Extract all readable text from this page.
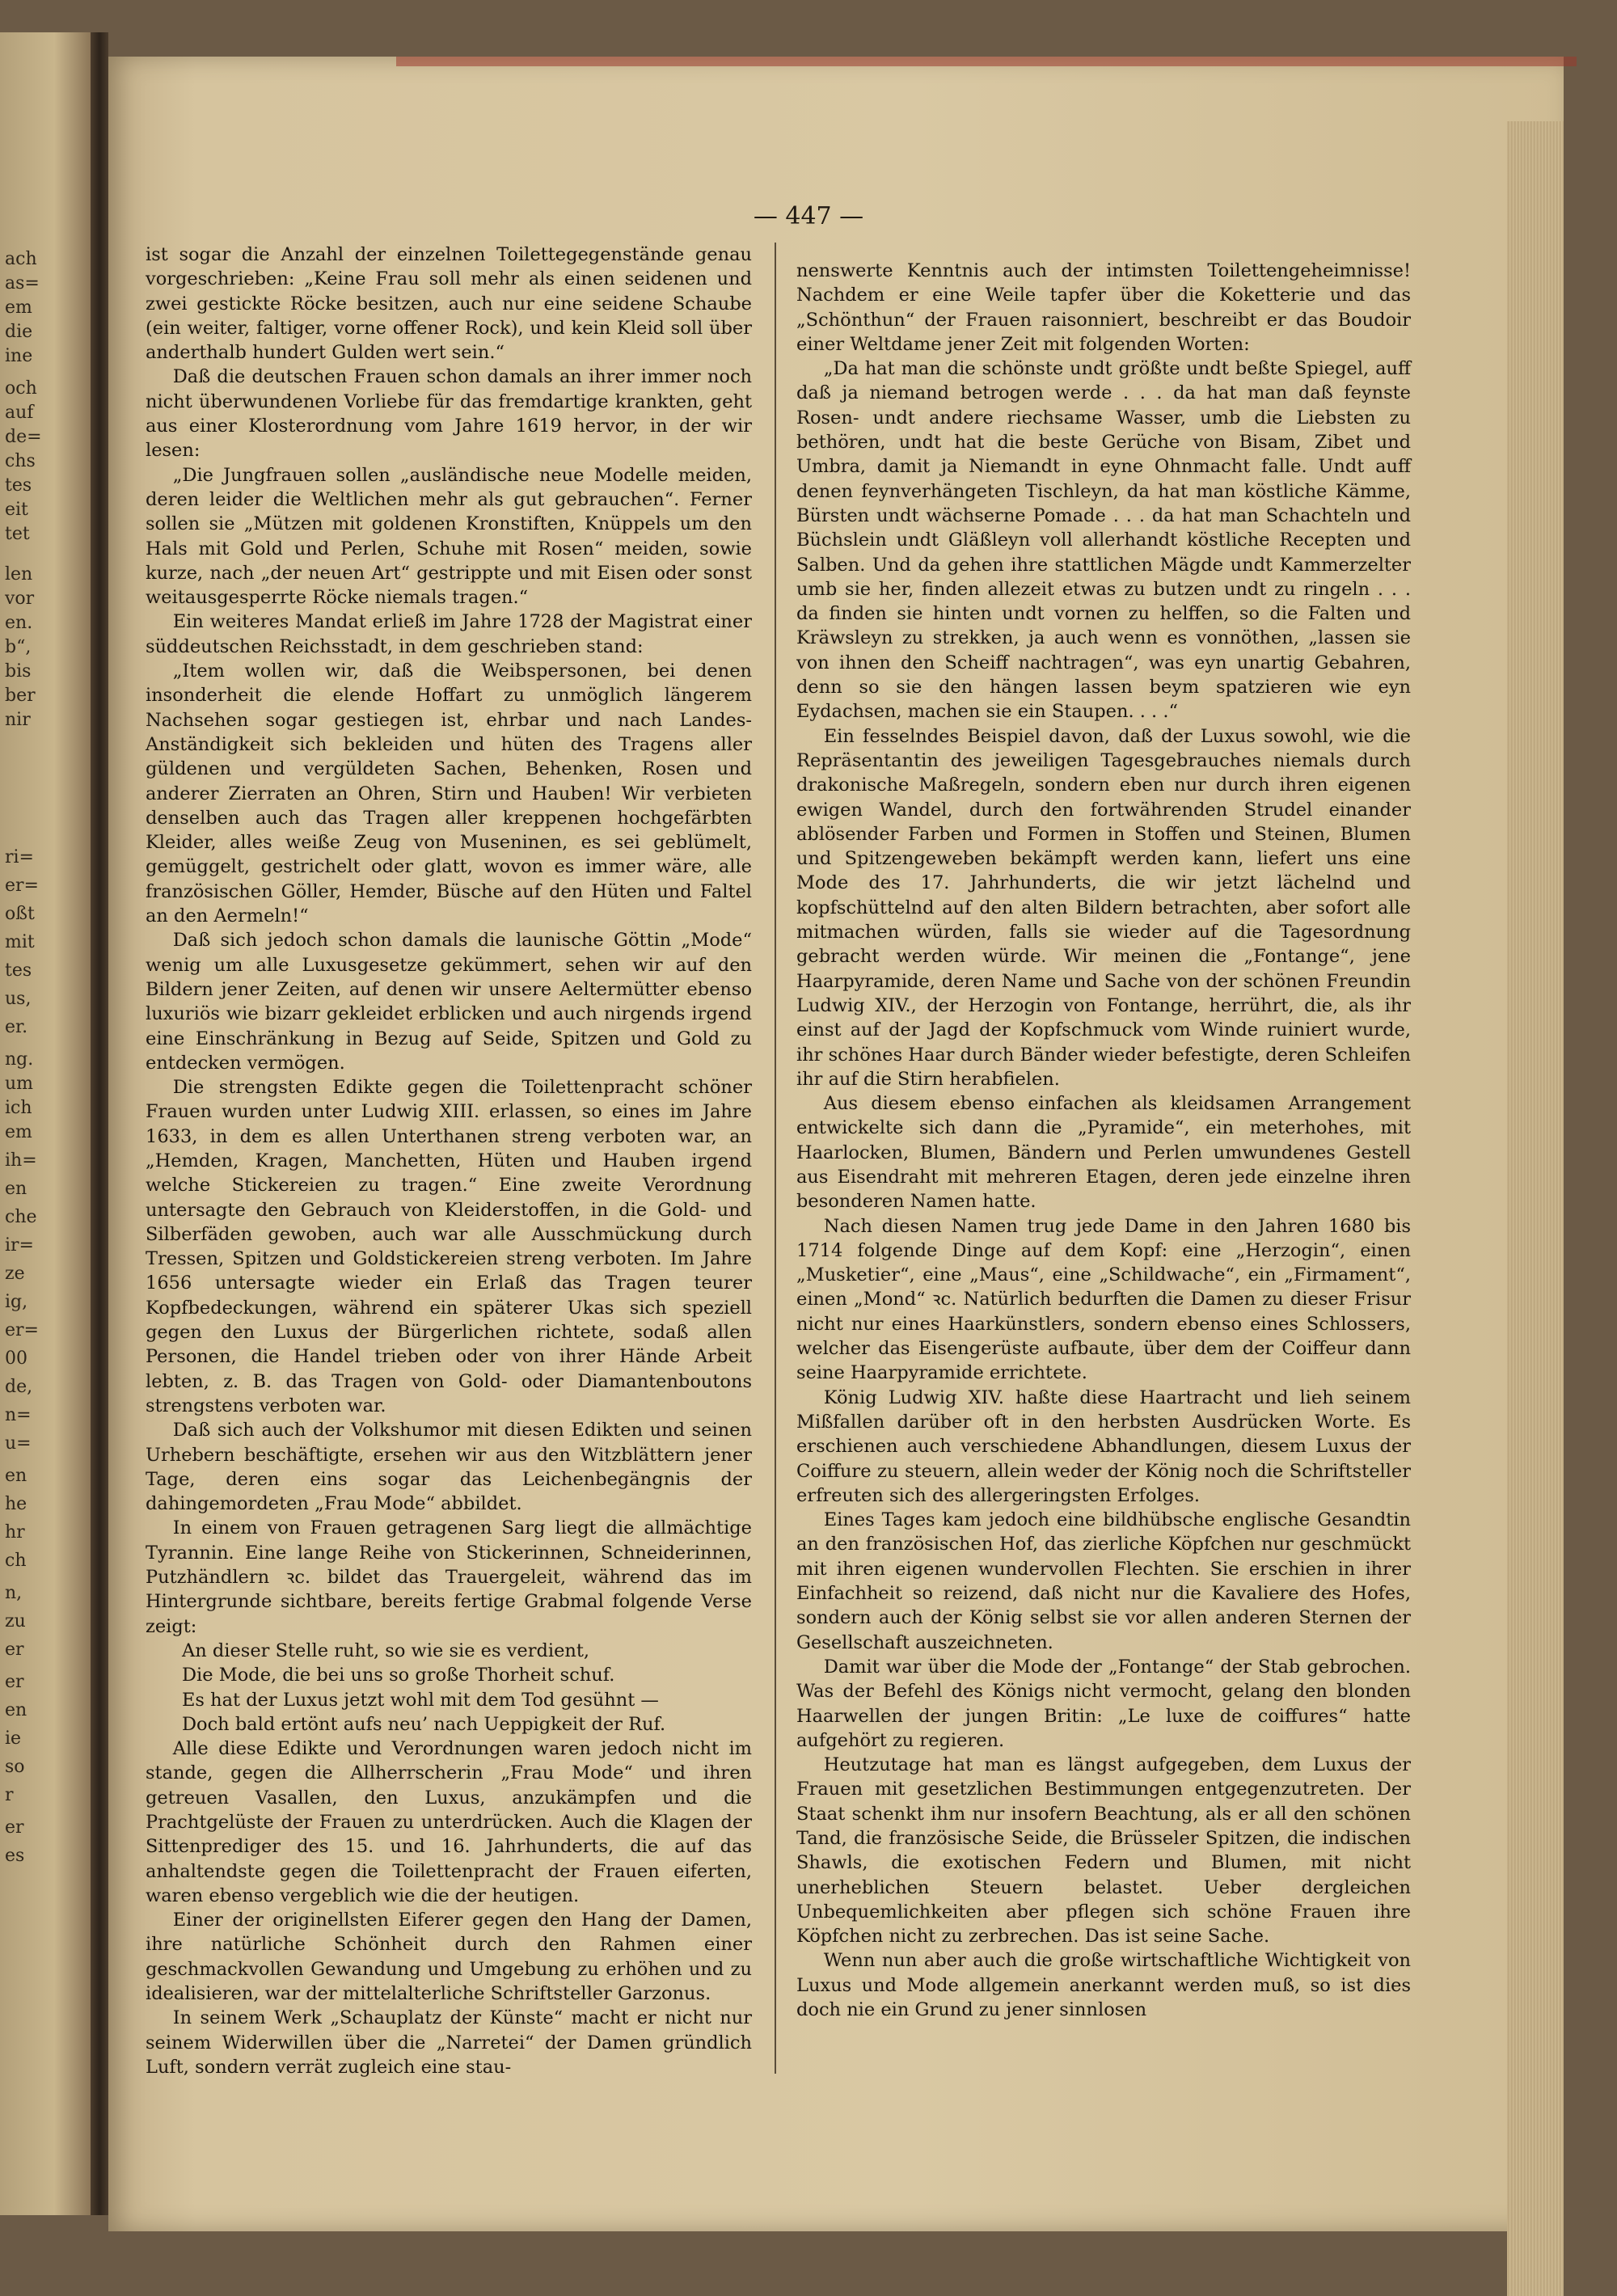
ach
as=
em
die
ine
och
auf
de=
chs
tes
eit
tet
len
vor
en.
b“,
bis
ber
nir
ri=
er=
oßt
mit
tes
us,
er.
ng.
um
ich
em
ih=
en
che
ir=
ze
ig,
er=
00
de,
n=
u=
en
he
hr
ch
n,
zu
er
er
en
ie
so
r
er
es
— 447 —

ist sogar die Anzahl der einzelnen Toilettegegenstände genau vorgeschrieben: „Keine Frau soll mehr als einen seidenen und zwei gestickte Röcke besitzen, auch nur eine seidene Schaube (ein weiter, faltiger, vorne offener Rock), und kein Kleid soll über anderthalb hundert Gulden wert sein.“

Daß die deutschen Frauen schon damals an ihrer immer noch nicht überwundenen Vorliebe für das fremdartige krankten, geht aus einer Klosterordnung vom Jahre 1619 hervor, in der wir lesen:

„Die Jungfrauen sollen „ausländische neue Modelle meiden, deren leider die Weltlichen mehr als gut gebrauchen“. Ferner sollen sie „Mützen mit goldenen Kronstiften, Knüppels um den Hals mit Gold und Perlen, Schuhe mit Rosen“ meiden, sowie kurze, nach „der neuen Art“ gestrippte und mit Eisen oder sonst weitausgesperrte Röcke niemals tragen.“

Ein weiteres Mandat erließ im Jahre 1728 der Magistrat einer süddeutschen Reichsstadt, in dem geschrieben stand:

„Item wollen wir, daß die Weibspersonen, bei denen insonderheit die elende Hoffart zu unmöglich längerem Nachsehen sogar gestiegen ist, ehrbar und nach Landes-Anständigkeit sich bekleiden und hüten des Tragens aller güldenen und vergüldeten Sachen, Behenken, Rosen und anderer Zierraten an Ohren, Stirn und Hauben! Wir verbieten denselben auch das Tragen aller kreppenen hochgefärbten Kleider, alles weiße Zeug von Museninen, es sei geblümelt, gemüggelt, gestrichelt oder glatt, wovon es immer wäre, alle französischen Göller, Hemder, Büsche auf den Hüten und Faltel an den Aermeln!“

Daß sich jedoch schon damals die launische Göttin „Mode“ wenig um alle Luxusgesetze gekümmert, sehen wir auf den Bildern jener Zeiten, auf denen wir unsere Aeltermütter ebenso luxuriös wie bizarr gekleidet erblicken und auch nirgends irgend eine Einschränkung in Bezug auf Seide, Spitzen und Gold zu entdecken vermögen.

Die strengsten Edikte gegen die Toilettenpracht schöner Frauen wurden unter Ludwig XIII. erlassen, so eines im Jahre 1633, in dem es allen Unterthanen streng verboten war, an „Hemden, Kragen, Manchetten, Hüten und Hauben irgend welche Stickereien zu tragen.“ Eine zweite Verordnung untersagte den Gebrauch von Kleiderstoffen, in die Gold- und Silberfäden gewoben, auch war alle Ausschmückung durch Tressen, Spitzen und Goldstickereien streng verboten. Im Jahre 1656 untersagte wieder ein Erlaß das Tragen teurer Kopfbedeckungen, während ein späterer Ukas sich speziell gegen den Luxus der Bürgerlichen richtete, sodaß allen Personen, die Handel trieben oder von ihrer Hände Arbeit lebten, z. B. das Tragen von Gold- oder Diamantenboutons strengstens verboten war.

Daß sich auch der Volkshumor mit diesen Edikten und seinen Urhebern beschäftigte, ersehen wir aus den Witzblättern jener Tage, deren eins sogar das Leichenbegängnis der dahingemordeten „Frau Mode“ abbildet.

In einem von Frauen getragenen Sarg liegt die allmächtige Tyrannin. Eine lange Reihe von Stickerinnen, Schneiderinnen, Putzhändlern ꝛc. bildet das Trauergeleit, während das im Hintergrunde sichtbare, bereits fertige Grabmal folgende Verse zeigt:

An dieser Stelle ruht, so wie sie es verdient,
Die Mode, die bei uns so große Thorheit schuf.
Es hat der Luxus jetzt wohl mit dem Tod gesühnt —
Doch bald ertönt aufs neu’ nach Ueppigkeit der Ruf.

Alle diese Edikte und Verordnungen waren jedoch nicht im stande, gegen die Allherrscherin „Frau Mode“ und ihren getreuen Vasallen, den Luxus, anzukämpfen und die Prachtgelüste der Frauen zu unterdrücken. Auch die Klagen der Sittenprediger des 15. und 16. Jahrhunderts, die auf das anhaltendste gegen die Toilettenpracht der Frauen eiferten, waren ebenso vergeblich wie die der heutigen.

Einer der originellsten Eiferer gegen den Hang der Damen, ihre natürliche Schönheit durch den Rahmen einer geschmackvollen Gewandung und Umgebung zu erhöhen und zu idealisieren, war der mittelalterliche Schriftsteller Garzonus.

In seinem Werk „Schauplatz der Künste“ macht er nicht nur seinem Widerwillen über die „Narretei“ der Damen gründlich Luft, sondern verrät zugleich eine stau-

nenswerte Kenntnis auch der intimsten Toilettengeheimnisse! Nachdem er eine Weile tapfer über die Koketterie und das „Schönthun“ der Frauen raisonniert, beschreibt er das Boudoir einer Weltdame jener Zeit mit folgenden Worten:

„Da hat man die schönste undt größte undt beßte Spiegel, auff daß ja niemand betrogen werde . . . da hat man daß feynste Rosen- undt andere riechsame Wasser, umb die Liebsten zu bethören, undt hat die beste Gerüche von Bisam, Zibet und Umbra, damit ja Niemandt in eyne Ohnmacht falle. Undt auff denen feynverhängeten Tischleyn, da hat man köstliche Kämme, Bürsten undt wächserne Pomade . . . da hat man Schachteln und Büchslein undt Gläßleyn voll allerhandt köstliche Recepten und Salben. Und da gehen ihre stattlichen Mägde undt Kammerzelter umb sie her, finden allezeit etwas zu butzen undt zu ringeln . . . da finden sie hinten undt vornen zu helffen, so die Falten und Kräwsleyn zu strekken, ja auch wenn es vonnöthen, „lassen sie von ihnen den Scheiff nachtragen“, was eyn unartig Gebahren, denn so sie den hängen lassen beym spatzieren wie eyn Eydachsen, machen sie ein Staupen. . . .“

Ein fesselndes Beispiel davon, daß der Luxus sowohl, wie die Repräsentantin des jeweiligen Tagesgebrauches niemals durch drakonische Maßregeln, sondern eben nur durch ihren eigenen ewigen Wandel, durch den fortwährenden Strudel einander ablösender Farben und Formen in Stoffen und Steinen, Blumen und Spitzengeweben bekämpft werden kann, liefert uns eine Mode des 17. Jahrhunderts, die wir jetzt lächelnd und kopfschüttelnd auf den alten Bildern betrachten, aber sofort alle mitmachen würden, falls sie wieder auf die Tagesordnung gebracht werden würde. Wir meinen die „Fontange“, jene Haarpyramide, deren Name und Sache von der schönen Freundin Ludwig XIV., der Herzogin von Fontange, herrührt, die, als ihr einst auf der Jagd der Kopfschmuck vom Winde ruiniert wurde, ihr schönes Haar durch Bänder wieder befestigte, deren Schleifen ihr auf die Stirn herabfielen.

Aus diesem ebenso einfachen als kleidsamen Arrangement entwickelte sich dann die „Pyramide“, ein meterhohes, mit Haarlocken, Blumen, Bändern und Perlen umwundenes Gestell aus Eisendraht mit mehreren Etagen, deren jede einzelne ihren besonderen Namen hatte.

Nach diesen Namen trug jede Dame in den Jahren 1680 bis 1714 folgende Dinge auf dem Kopf: eine „Herzogin“, einen „Musketier“, eine „Maus“, eine „Schildwache“, ein „Firmament“, einen „Mond“ ꝛc. Natürlich bedurften die Damen zu dieser Frisur nicht nur eines Haarkünstlers, sondern ebenso eines Schlossers, welcher das Eisengerüste aufbaute, über dem der Coiffeur dann seine Haarpyramide errichtete.

König Ludwig XIV. haßte diese Haartracht und lieh seinem Mißfallen darüber oft in den herbsten Ausdrücken Worte. Es erschienen auch verschiedene Abhandlungen, diesem Luxus der Coiffure zu steuern, allein weder der König noch die Schriftsteller erfreuten sich des allergeringsten Erfolges.

Eines Tages kam jedoch eine bildhübsche englische Gesandtin an den französischen Hof, das zierliche Köpfchen nur geschmückt mit ihren eigenen wundervollen Flechten. Sie erschien in ihrer Einfachheit so reizend, daß nicht nur die Kavaliere des Hofes, sondern auch der König selbst sie vor allen anderen Sternen der Gesellschaft auszeichneten.

Damit war über die Mode der „Fontange“ der Stab gebrochen. Was der Befehl des Königs nicht vermocht, gelang den blonden Haarwellen der jungen Britin: „Le luxe de coiffures“ hatte aufgehört zu regieren.

Heutzutage hat man es längst aufgegeben, dem Luxus der Frauen mit gesetzlichen Bestimmungen entgegenzutreten. Der Staat schenkt ihm nur insofern Beachtung, als er all den schönen Tand, die französische Seide, die Brüsseler Spitzen, die indischen Shawls, die exotischen Federn und Blumen, mit nicht unerheblichen Steuern belastet. Ueber dergleichen Unbequemlichkeiten aber pflegen sich schöne Frauen ihre Köpfchen nicht zu zerbrechen. Das ist seine Sache.

Wenn nun aber auch die große wirtschaftliche Wichtigkeit von Luxus und Mode allgemein anerkannt werden muß, so ist dies doch nie ein Grund zu jener sinnlosen
